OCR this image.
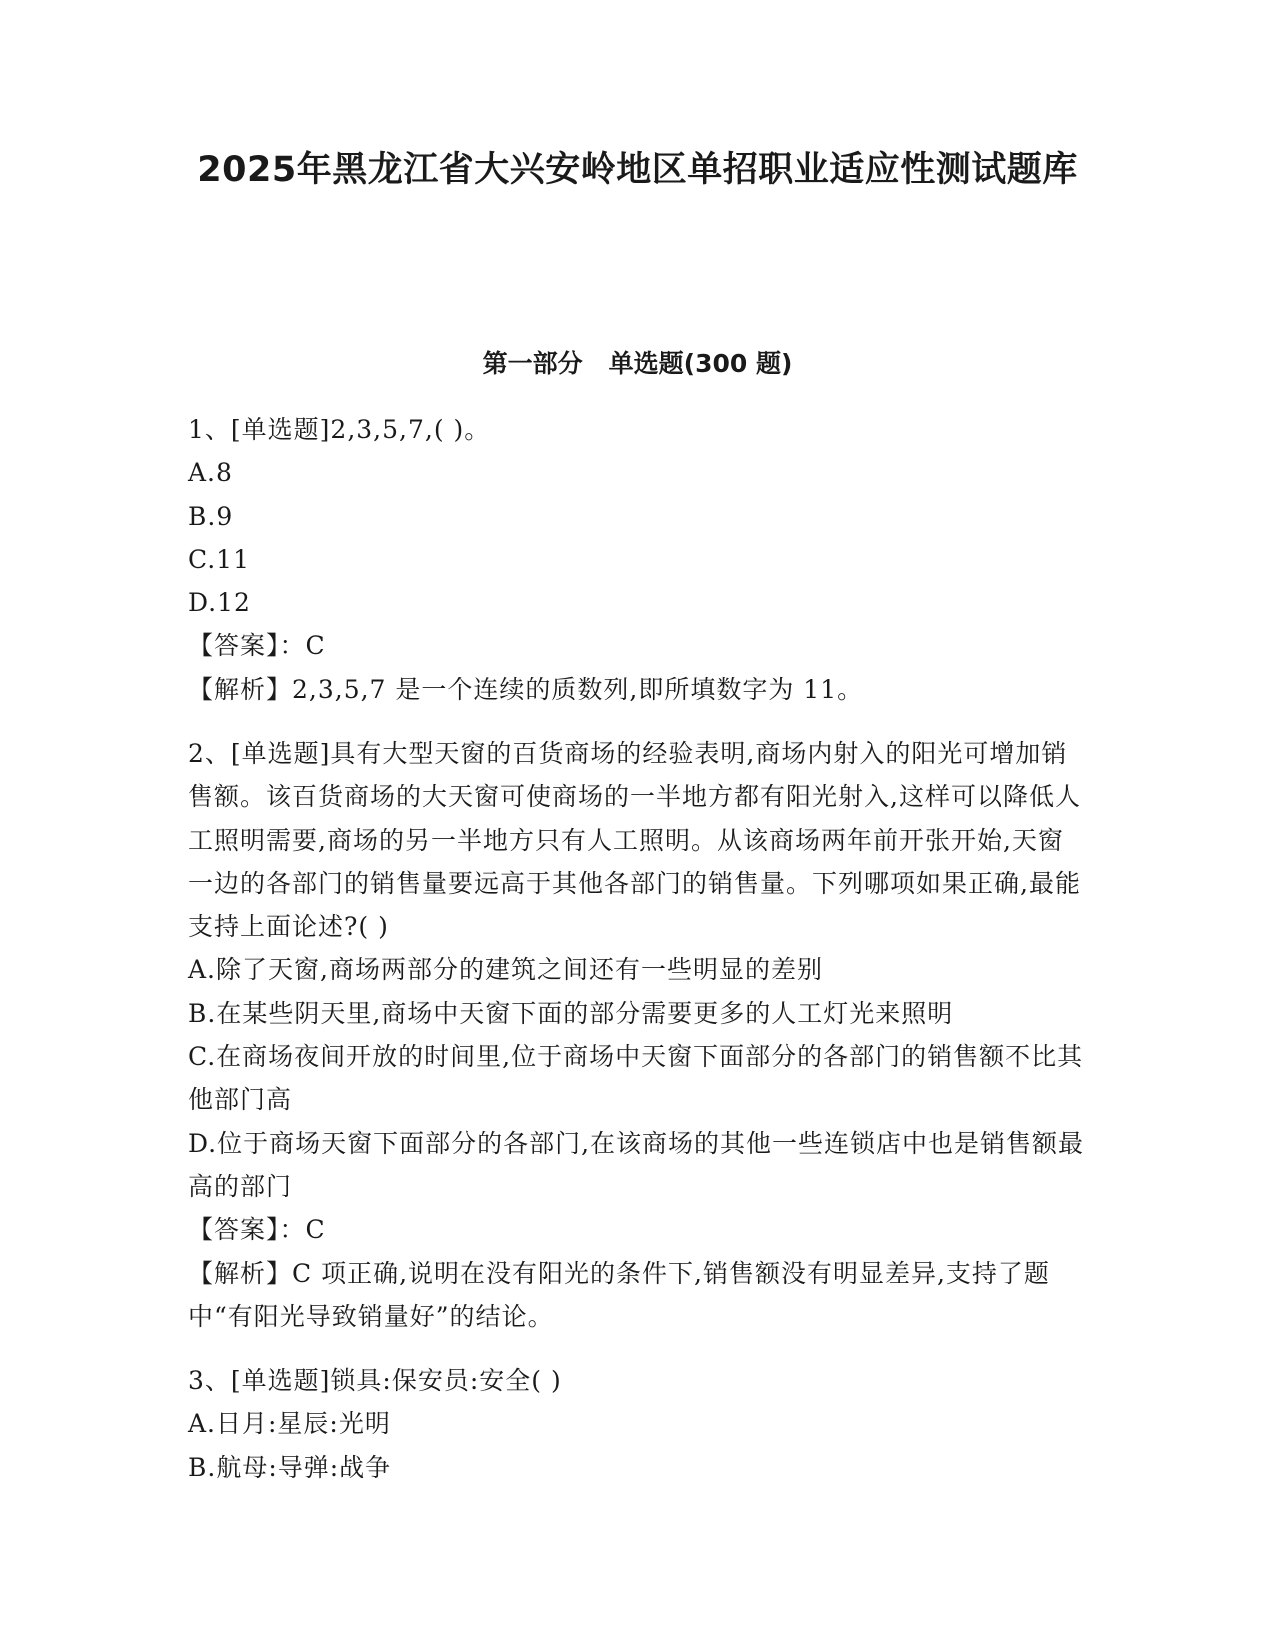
2025年黑龙江省大兴安岭地区单招职业适应性测试题库
第一部分   单选题(300 题)

1、[单选题]2,3,5,7,( )。

A.8

B.9

C.11

D.12

【答案】：C

【解析】2,3,5,7 是一个连续的质数列,即所填数字为 11。

2、[单选题]具有大型天窗的百货商场的经验表明,商场内射入的阳光可增加销售额。该百货商场的大天窗可使商场的一半地方都有阳光射入,这样可以降低人工照明需要,商场的另一半地方只有人工照明。从该商场两年前开张开始,天窗一边的各部门的销售量要远高于其他各部门的销售量。下列哪项如果正确,最能支持上面论述?( )

A.除了天窗,商场两部分的建筑之间还有一些明显的差别

B.在某些阴天里,商场中天窗下面的部分需要更多的人工灯光来照明

C.在商场夜间开放的时间里,位于商场中天窗下面部分的各部门的销售额不比其他部门高

D.位于商场天窗下面部分的各部门,在该商场的其他一些连锁店中也是销售额最高的部门

【答案】：C

【解析】C 项正确,说明在没有阳光的条件下,销售额没有明显差异,支持了题中“有阳光导致销量好”的结论。

3、[单选题]锁具:保安员:安全( )

A.日月:星辰:光明

B.航母:导弹:战争
